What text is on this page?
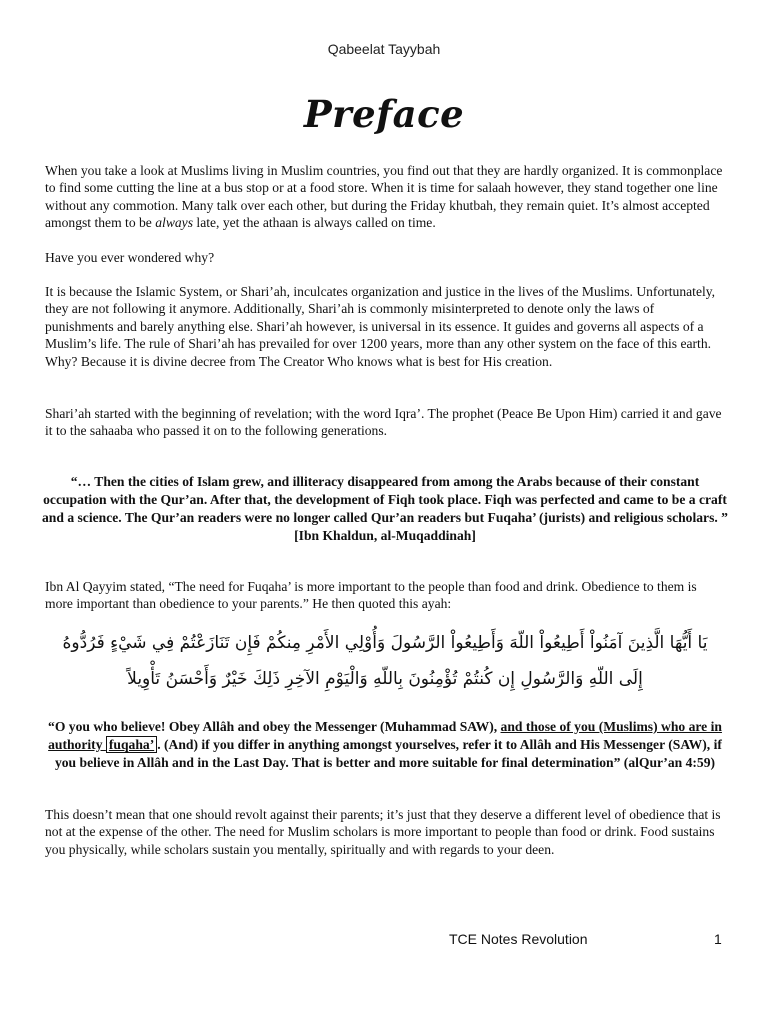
Qabeelat Tayybah
Preface

When you take a look at Muslims living in Muslim countries, you find out that they are hardly organized. It is commonplace to find some cutting the line at a bus stop or at a food store. When it is time for salaah however, they stand together one line without any commotion. Many talk over each other, but during the Friday khutbah, they remain quiet. It’s almost accepted amongst them to be always late, yet the athaan is always called on time.

Have you ever wondered why?

It is because the Islamic System, or Shari’ah, inculcates organization and justice in the lives of the Muslims. Unfortunately, they are not following it anymore. Additionally, Shari’ah is commonly misinterpreted to denote only the laws of punishments and barely anything else. Shari’ah however, is universal in its essence. It guides and governs all aspects of a Muslim’s life. The rule of Shari’ah has prevailed for over 1200 years, more than any other system on the face of this earth. Why? Because it is divine decree from The Creator Who knows what is best for His creation.

Shari’ah started with the beginning of revelation; with the word Iqra’. The prophet (Peace Be Upon Him) carried it and gave it to the sahaaba who passed it on to the following generations.

“… Then the cities of Islam grew, and illiteracy disappeared from among the Arabs because of their constant occupation with the Qur’an. After that, the development of Fiqh took place. Fiqh was perfected and came to be a craft and a science. The Qur’an readers were no longer called Qur’an readers but Fuqaha’ (jurists) and religious scholars. ” [Ibn Khaldun, al-Muqaddinah]

Ibn Al Qayyim stated, “The need for Fuqaha’ is more important to the people than food and drink. Obedience to them is more important than obedience to your parents.” He then quoted this ayah:

يَا أَيُّهَا الَّذِينَ آمَنُواْ أَطِيعُواْ اللّهَ وَأَطِيعُواْ الرَّسُولَ وَأُوْلِي الأَمْرِ مِنكُمْ فَإِن تَنَازَعْتُمْ فِي شَيْءٍ فَرُدُّوهُ إِلَى اللّهِ وَالرَّسُولِ إِن كُنتُمْ تُؤْمِنُونَ بِاللّهِ وَالْيَوْمِ الآخِرِ ذَلِكَ خَيْرٌ وَأَحْسَنُ تَأْوِيلاً

“O you who believe! Obey Allâh and obey the Messenger (Muhammad SAW), and those of you (Muslims) who are in authority fuqaha’ . (And) if you differ in anything amongst yourselves, refer it to Allâh and His Messenger (SAW), if you believe in Allâh and in the Last Day. That is better and more suitable for final determination” (alQur’an 4:59)

This doesn’t mean that one should revolt against their parents; it’s just that they deserve a different level of obedience that is not at the expense of the other. The need for Muslim scholars is more important to people than food or drink. Food sustains you physically, while scholars sustain you mentally, spiritually and with regards to your deen.

TCE Notes Revolution	1
